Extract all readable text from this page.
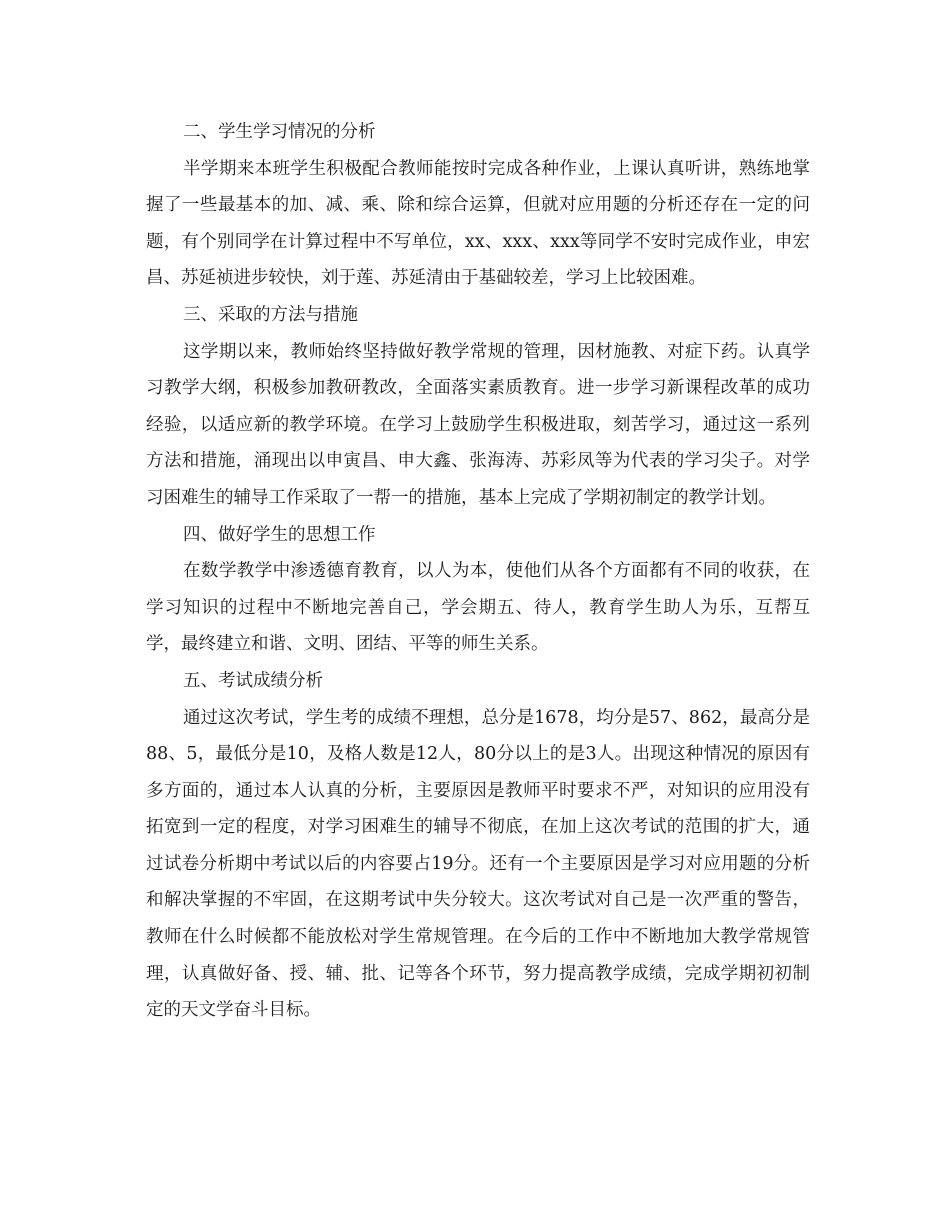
二、学生学习情况的分析

半学期来本班学生积极配合教师能按时完成各种作业，上课认真听讲，熟练地掌握了一些最基本的加、减、乘、除和综合运算，但就对应用题的分析还存在一定的问题，有个别同学在计算过程中不写单位，xx、xxx、xxx等同学不安时完成作业，申宏昌、苏延祯进步较快，刘于莲、苏延清由于基础较差，学习上比较困难。

三、采取的方法与措施

这学期以来，教师始终坚持做好教学常规的管理，因材施教、对症下药。认真学习教学大纲，积极参加教研教改，全面落实素质教育。进一步学习新课程改革的成功经验，以适应新的教学环境。在学习上鼓励学生积极进取，刻苦学习，通过这一系列方法和措施，涌现出以申寅昌、申大鑫、张海涛、苏彩凤等为代表的学习尖子。对学习困难生的辅导工作采取了一帮一的措施，基本上完成了学期初制定的教学计划。

四、做好学生的思想工作

在数学教学中渗透德育教育，以人为本，使他们从各个方面都有不同的收获，在学习知识的过程中不断地完善自己，学会期五、待人，教育学生助人为乐，互帮互学，最终建立和谐、文明、团结、平等的师生关系。

五、考试成绩分析

通过这次考试，学生考的成绩不理想，总分是1678，均分是57、862，最高分是88、5，最低分是10，及格人数是12人，80分以上的是3人。出现这种情况的原因有多方面的，通过本人认真的分析，主要原因是教师平时要求不严，对知识的应用没有拓宽到一定的程度，对学习困难生的辅导不彻底，在加上这次考试的范围的扩大，通过试卷分析期中考试以后的内容要占19分。还有一个主要原因是学习对应用题的分析和解决掌握的不牢固，在这期考试中失分较大。这次考试对自己是一次严重的警告，教师在什么时候都不能放松对学生常规管理。在今后的工作中不断地加大教学常规管理，认真做好备、授、辅、批、记等各个环节，努力提高教学成绩，完成学期初初制定的天文学奋斗目标。
